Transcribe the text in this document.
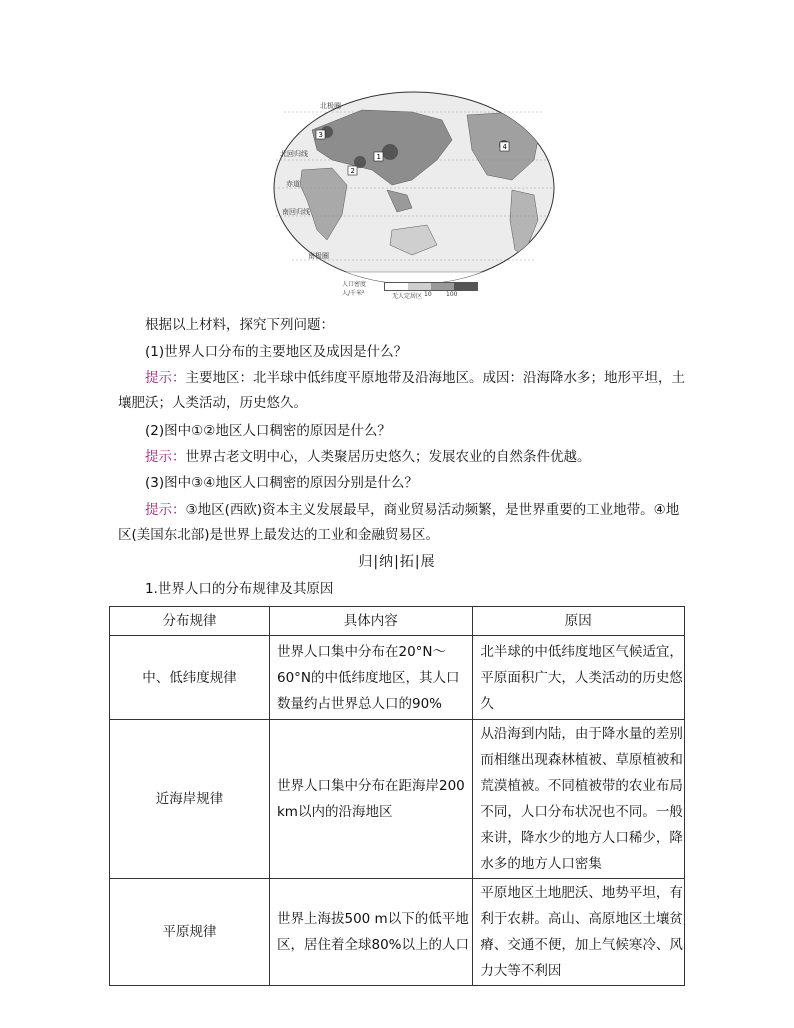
北极圈
北回归线
赤道
南回归线
南极圈
1
2
3
4
人口密度
人/千米²	无人定居区 10 100
根据以上材料，探究下列问题：
(1)世界人口分布的主要地区及成因是什么？
提示：主要地区：北半球中低纬度平原地带及沿海地区。成因：沿海降水多；地形平坦，土壤肥沃；人类活动，历史悠久。
(2)图中①②地区人口稠密的原因是什么？
提示：世界古老文明中心，人类聚居历史悠久；发展农业的自然条件优越。
(3)图中③④地区人口稠密的原因分别是什么？
提示：③地区(西欧)资本主义发展最早，商业贸易活动频繁，是世界重要的工业地带。④地区(美国东北部)是世界上最发达的工业和金融贸易区。
归|纳|拓|展
1.世界人口的分布规律及其原因
分布规律	具体内容	原因
中、低纬度规律	世界人口集中分布在20°N～60°N的中低纬度地区，其人口数量约占世界总人口的90%	北半球的中低纬度地区气候适宜，平原面积广大，人类活动的历史悠久
近海岸规律	世界人口集中分布在距海岸200 km以内的沿海地区	从沿海到内陆，由于降水量的差别而相继出现森林植被、草原植被和荒漠植被。不同植被带的农业布局不同，人口分布状况也不同。一般来讲，降水少的地方人口稀少，降水多的地方人口密集
平原规律	世界上海拔500 m以下的低平地区，居住着全球80%以上的人口	平原地区土地肥沃、地势平坦，有利于农耕。高山、高原地区土壤贫瘠、交通不便，加上气候寒冷、风力大等不利因
